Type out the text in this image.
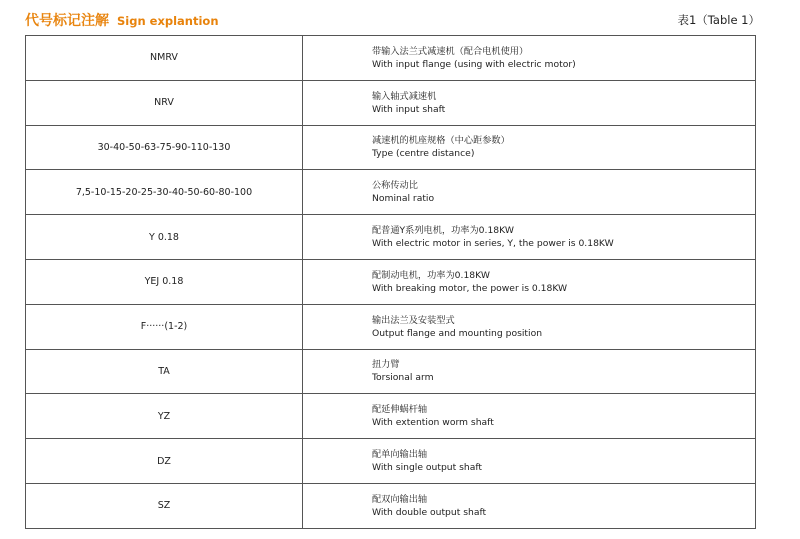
代号标记注解 Sign explantion	表1（Table 1）
NMRV	带输入法兰式减速机（配合电机使用）
With input flange (using with electric motor)

NRV	输入轴式减速机
With input shaft

30-40-50-63-75-90-110-130	减速机的机座规格（中心距参数）
Type (centre distance)

7,5-10-15-20-25-30-40-50-60-80-100	公称传动比
Nominal ratio

Y 0.18	配普通Y系列电机，功率为0.18KW
With electric motor in series, Y, the power is 0.18KW

YEJ 0.18	配制动电机，功率为0.18KW
With breaking motor, the power is 0.18KW

F······(1-2)	输出法兰及安装型式
Output flange and mounting position

TA	扭力臂
Torsional arm

YZ	配延伸蜗杆轴
With extention worm shaft

DZ	配单向输出轴
With single output shaft

SZ	配双向输出轴
With double output shaft
